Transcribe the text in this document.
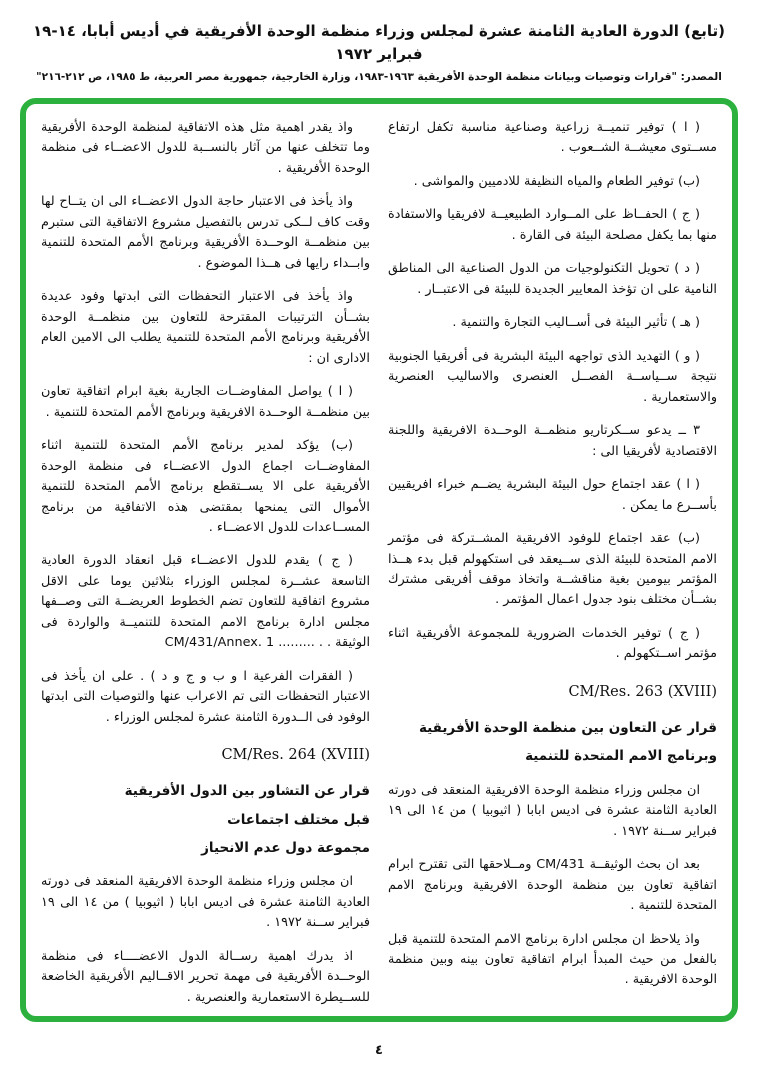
(تابع) الدورة العادية الثامنة عشرة لمجلس وزراء منظمة الوحدة الأفريقية في أديس أبابا، ١٤-١٩ فبراير ١٩٧٢
المصدر: "قرارات وتوصيات وبيانات منظمة الوحدة الأفريقية ١٩٦٣-١٩٨٣، وزارة الخارجية، جمهورية مصر العربية، ط ١٩٨٥، ص ٢١٢-٢١٦"

( ا ) توفير تنميــة زراعية وصناعية مناسبة تكفل ارتفاع مســتوى معيشــة الشــعوب .

(ب) توفير الطعام والمياه النظيفة للادميين والمواشى .

( ج ) الحفــاظ على المــوارد الطبيعيــة لافريقيا والاستفادة منها بما يكفل مصلحة البيئة فى القارة .

( د ) تحويل التكنولوجيات من الدول الصناعية الى المناطق النامية على ان تؤخذ المعايير الجديدة للبيئة فى الاعتبــار .

( هـ ) تأثير البيئة فى أســاليب التجارة والتنمية .

( و ) التهديد الذى تواجهه البيئة البشرية فى أفريقيا الجنوبية نتيجة ســياســة الفصــل العنصرى والاساليب العنصرية والاستعمارية .

٣ ــ يدعو ســكرتاريو منظمــة الوحــدة الافريقية واللجنة الاقتصادية لأفريقيا الى :

( ا ) عقد اجتماع حول البيئة البشرية يضــم خبراء افريقيين بأســرع ما يمكن .

(ب) عقد اجتماع للوفود الافريقية المشــتركة فى مؤتمر الامم المتحدة للبيئة الذى ســيعقد فى استكهولم قبل بدء هــذا المؤتمر بيومين بغية مناقشــة واتخاذ موقف أفريقى مشترك بشــأن مختلف بنود جدول اعمال المؤتمر .

( ج ) توفير الخدمات الضرورية للمجموعة الأفريقية اثناء مؤتمر اســتكهولم .

CM/Res. 263 (XVIII)

قرار عن التعاون بين منظمة الوحدة الأفريقية
وبرنامج الامم المتحدة للتنمية

ان مجلس وزراء منظمة الوحدة الافريقية المنعقد فى دورته العادية الثامنة عشرة فى اديس ابابا ( اثيوبيا ) من ١٤ الى ١٩ فبراير ســنة ١٩٧٢ .

بعد ان بحث الوثيقــة CM/431 ومــلاحقها التى تقترح ابرام اتفاقية تعاون بين منظمة الوحدة الافريقية وبرنامج الامم المتحدة للتنمية .

واذ يلاحظ ان مجلس ادارة برنامج الامم المتحدة للتنمية قبل بالفعل من حيث المبدأ ابرام اتفاقية تعاون بينه وبين منظمة الوحدة الافريقية .

واذ يقدر اهمية مثل هذه الاتفاقية لمنظمة الوحدة الأفريقية وما تتخلف عنها من آثار بالنســبة للدول الاعضــاء فى منظمة الوحدة الأفريقية .

واذ يأخذ فى الاعتبار حاجة الدول الاعضــاء الى ان يتــاح لها وقت كاف لــكى تدرس بالتفصيل مشروع الاتفاقية التى ستبرم بين منظمــة الوحــدة الأفريقية وبرنامج الأمم المتحدة للتنمية وابــداء رايها فى هــذا الموضوع .

واذ يأخذ فى الاعتبار التحفظات التى ابدتها وفود عديدة بشــأن الترتيبات المقترحة للتعاون بين منظمــة الوحدة الأفريقية وبرنامج الأمم المتحدة للتنمية يطلب الى الامين العام الادارى ان :

( ا ) يواصل المفاوضــات الجارية بغية ابرام اتفاقية تعاون بين منظمــة الوحــدة الافريقية وبرنامج الأمم المتحدة للتنمية .

(ب) يؤكد لمدير برنامج الأمم المتحدة للتنمية اثناء المفاوضــات اجماع الدول الاعضــاء فى منظمة الوحدة الأفريقية على الا يســتقطع برنامج الأمم المتحدة للتنمية الأموال التى يمنحها بمقتضى هذه الاتفاقية من برنامج المســاعدات للدول الاعضــاء .

( ج ) يقدم للدول الاعضــاء قبل انعقاد الدورة العادية التاسعة عشــرة لمجلس الوزراء بثلاثين يوما على الاقل مشروع اتفاقية للتعاون تضم الخطوط العريضــة التى وصــفها مجلس ادارة برنامج الامم المتحدة للتنميــة والواردة فى الوثيقة . . ......... CM/431/Annex. 1

( الفقرات الفرعية ا و ب و ج و د ) . على ان يأخذ فى الاعتبار التحفظات التى تم الاعراب عنها والتوصيات التى ابدتها الوفود فى الــدورة الثامنة عشرة لمجلس الوزراء .

CM/Res. 264 (XVIII)

قرار عن التشاور بين الدول الأفريقية
قبل مختلف اجتماعات
مجموعة دول عدم الانحياز

ان مجلس وزراء منظمة الوحدة الافريقية المنعقد فى دورته العادية الثامنة عشرة فى اديس ابابا ( اثيوبيا ) من ١٤ الى ١٩ فبراير ســنة ١٩٧٢ .

اذ يدرك اهمية رســالة الدول الاعضــــاء فى منظمة الوحــدة الأفريقية فى مهمة تحرير الاقــاليم الأفريقية الخاضعة للســيطرة الاستعمارية والعنصرية .

٤
